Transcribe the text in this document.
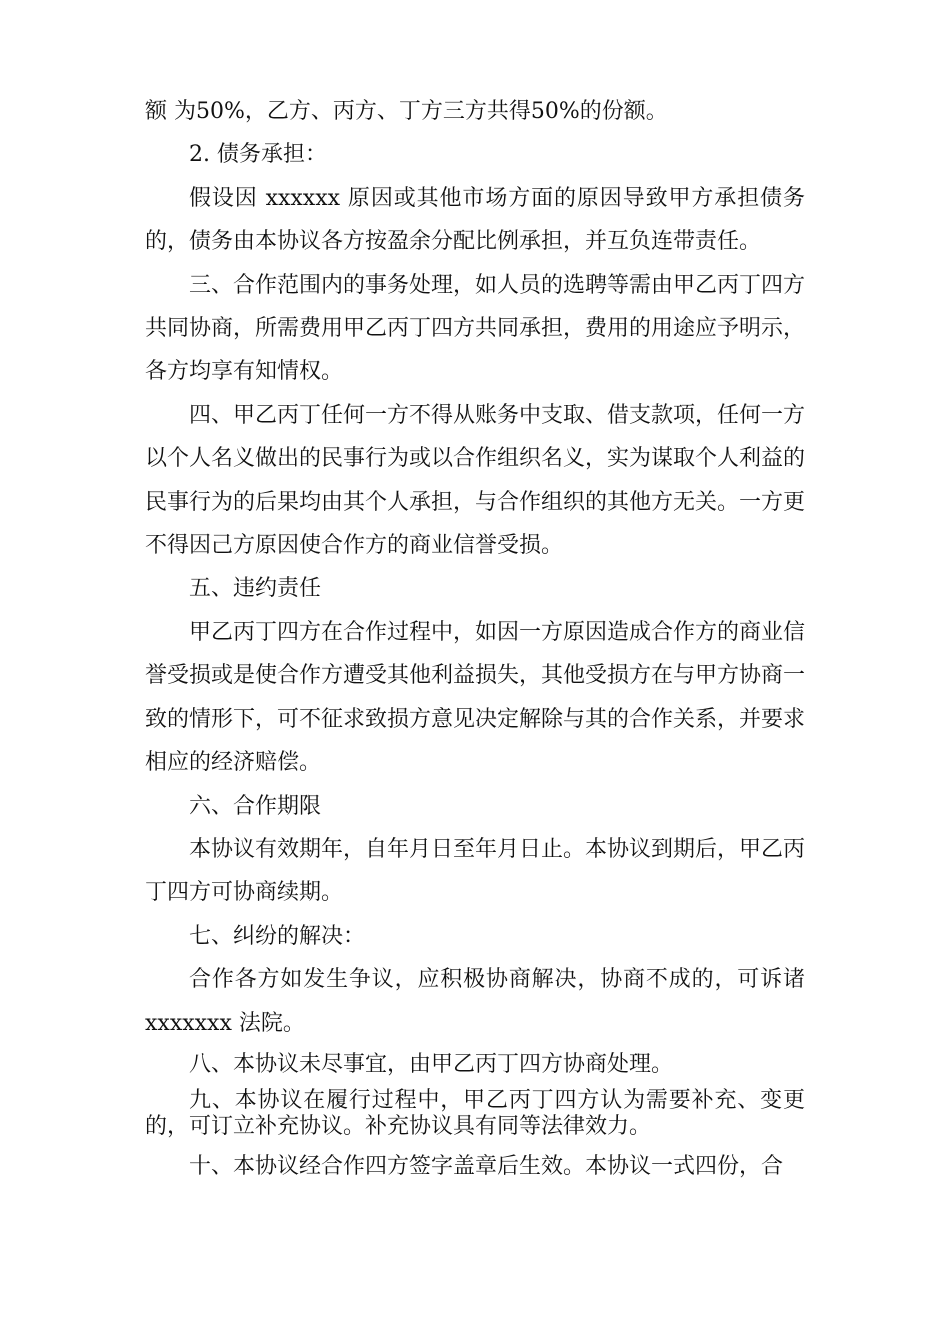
额 为50%，乙方、丙方、丁方三方共得50%的份额。

2. 债务承担：

假设因 xxxxxx 原因或其他市场方面的原因导致甲方承担债务的，债务由本协议各方按盈余分配比例承担，并互负连带责任。

三、合作范围内的事务处理，如人员的选聘等需由甲乙丙丁四方共同协商，所需费用甲乙丙丁四方共同承担，费用的用途应予明示，各方均享有知情权。

四、甲乙丙丁任何一方不得从账务中支取、借支款项，任何一方以个人名义做出的民事行为或以合作组织名义，实为谋取个人利益的民事行为的后果均由其个人承担，与合作组织的其他方无关。一方更不得因己方原因使合作方的商业信誉受损。

五、违约责任

甲乙丙丁四方在合作过程中，如因一方原因造成合作方的商业信誉受损或是使合作方遭受其他利益损失，其他受损方在与甲方协商一致的情形下，可不征求致损方意见决定解除与其的合作关系，并要求相应的经济赔偿。

六、合作期限

本协议有效期年，自年月日至年月日止。本协议到期后，甲乙丙丁四方可协商续期。

七、纠纷的解决：

合作各方如发生争议，应积极协商解决，协商不成的，可诉诸 xxxxxxx 法院。

八、本协议未尽事宜，由甲乙丙丁四方协商处理。

九、本协议在履行过程中，甲乙丙丁四方认为需要补充、变更的，可订立补充协议。补充协议具有同等法律效力。

十、本协议经合作四方签字盖章后生效。本协议一式四份，合
